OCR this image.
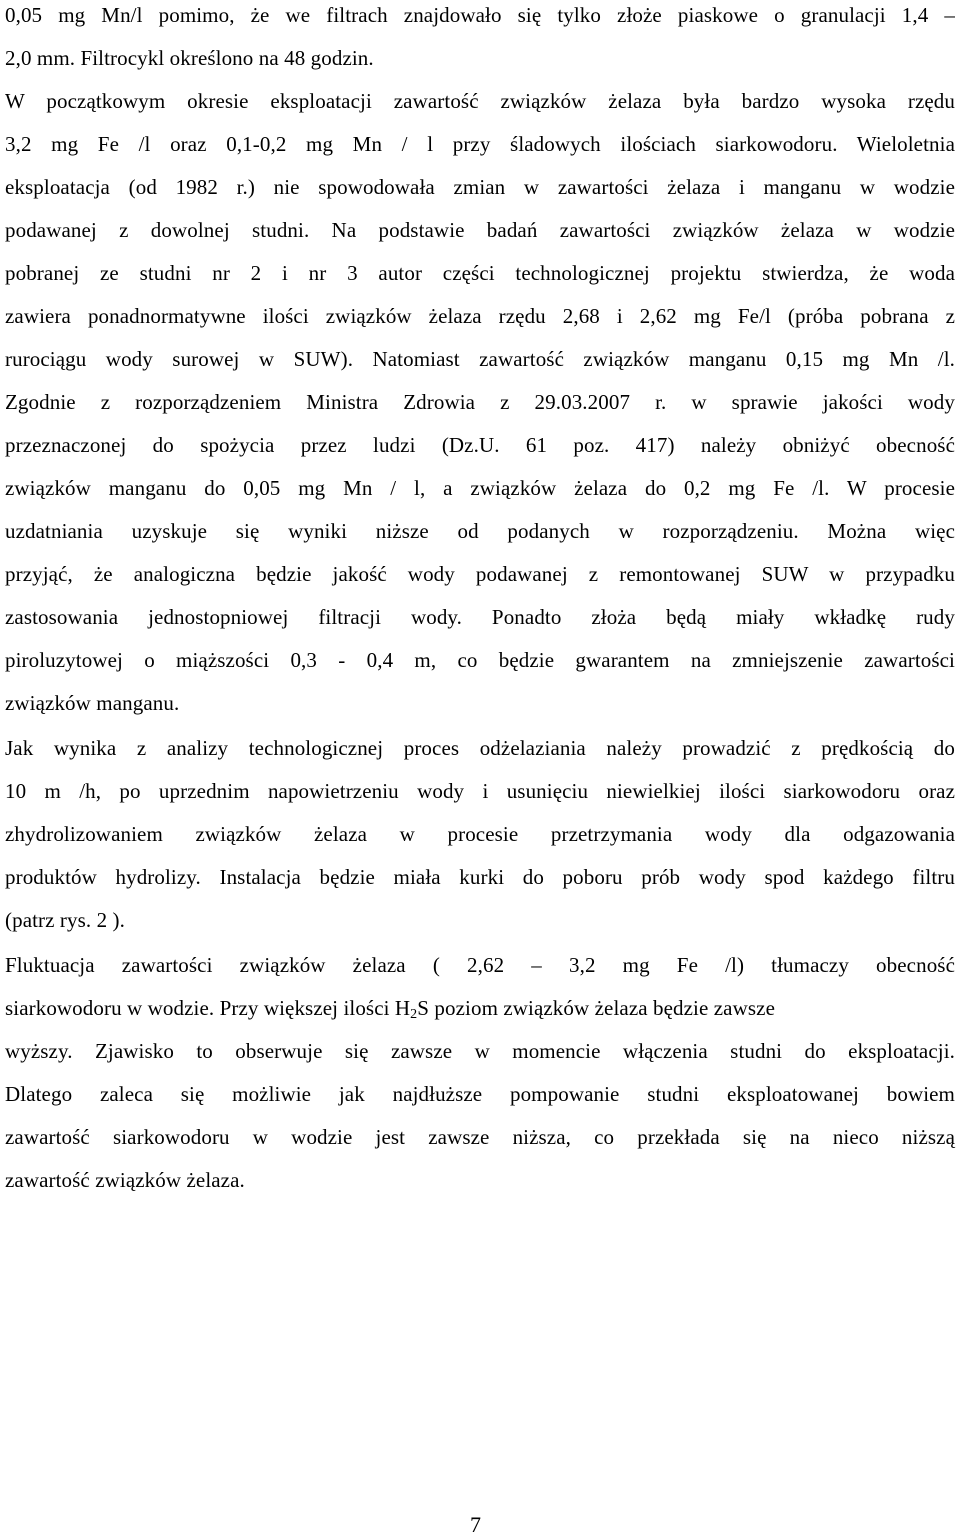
0,05 mg Mn/l pomimo, że we filtrach znajdowało się tylko złoże piaskowe o granulacji 1,4 –
2,0 mm. Filtrocykl określono na 48 godzin.
W początkowym okresie eksploatacji zawartość związków żelaza była bardzo wysoka rzędu
3,2 mg Fe /l oraz 0,1-0,2 mg Mn / l przy śladowych ilościach siarkowodoru. Wieloletnia
eksploatacja (od 1982 r.) nie spowodowała zmian w zawartości żelaza i manganu w wodzie
podawanej z dowolnej studni. Na podstawie badań zawartości związków żelaza w wodzie
pobranej ze studni nr 2 i nr 3 autor części technologicznej projektu stwierdza, że woda
zawiera ponadnormatywne ilości związków żelaza rzędu 2,68 i 2,62 mg Fe/l (próba pobrana z
rurociągu wody surowej w SUW). Natomiast zawartość związków manganu 0,15 mg Mn /l.
Zgodnie z rozporządzeniem Ministra Zdrowia z 29.03.2007 r. w sprawie jakości wody
przeznaczonej do spożycia przez ludzi (Dz.U. 61 poz. 417) należy obniżyć obecność
związków manganu do 0,05 mg Mn / l, a związków żelaza do 0,2 mg Fe /l. W procesie
uzdatniania uzyskuje się wyniki niższe od podanych w rozporządzeniu. Można więc
przyjąć, że analogiczna będzie jakość wody podawanej z remontowanej SUW w przypadku
zastosowania jednostopniowej filtracji wody. Ponadto złoża będą miały wkładkę rudy
piroluzytowej o miąższości 0,3 - 0,4 m, co będzie gwarantem na zmniejszenie zawartości
związków manganu.
Jak wynika z analizy technologicznej proces odżelaziania należy prowadzić z prędkością do
10 m /h, po uprzednim napowietrzeniu wody i usunięciu niewielkiej ilości siarkowodoru oraz
zhydrolizowaniem związków żelaza w procesie przetrzymania wody dla odgazowania
produktów hydrolizy. Instalacja będzie miała kurki do poboru prób wody spod każdego filtru
(patrz rys. 2 ).
Fluktuacja zawartości związków żelaza ( 2,62 – 3,2 mg Fe /l) tłumaczy obecność
siarkowodoru w wodzie. Przy większej ilości $H_2S$ poziom związków żelaza będzie zawsze
wyższy. Zjawisko to obserwuje się zawsze w momencie włączenia studni do eksploatacji.
Dlatego zaleca się możliwie jak najdłuższe pompowanie studni eksploatowanej bowiem
zawartość siarkowodoru w wodzie jest zawsze niższa, co przekłada się na nieco niższą
zawartość związków żelaza.
7
